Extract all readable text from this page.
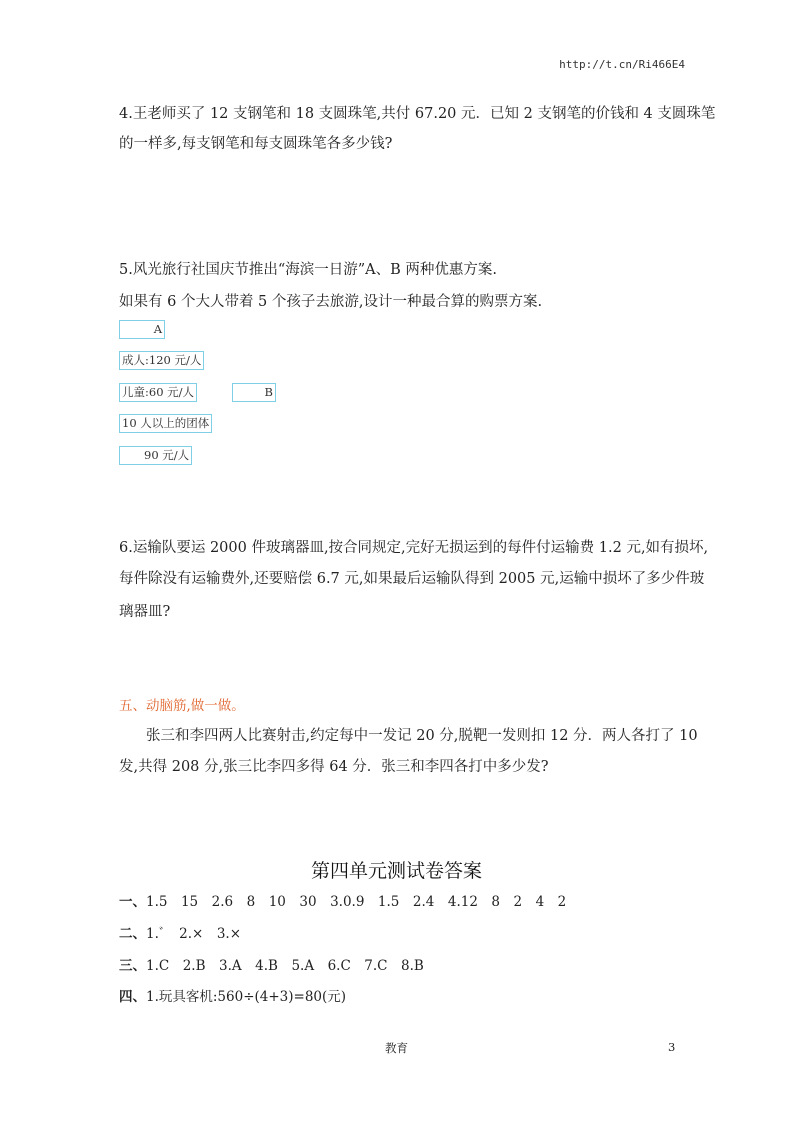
http://t.cn/Ri466E4
4.王老师买了 12 支钢笔和 18 支圆珠笔,共付 67.20 元．已知 2 支钢笔的价钱和 4 支圆珠笔
的一样多,每支钢笔和每支圆珠笔各多少钱?
5.风光旅行社国庆节推出“海滨一日游”A、B 两种优惠方案.
如果有 6 个大人带着 5 个孩子去旅游,设计一种最合算的购票方案.
A
成人:120 元/人
儿童:60 元/人	B
10 人以上的团体
90 元/人
6.运输队要运 2000 件玻璃器皿,按合同规定,完好无损运到的每件付运输费 1.2 元,如有损坏,
每件除没有运输费外,还要赔偿 6.7 元,如果最后运输队得到 2005 元,运输中损坏了多少件玻
璃器皿?
五、动脑筋,做一做。
张三和李四两人比赛射击,约定每中一发记 20 分,脱靶一发则扣 12 分．两人各打了 10
发,共得 208 分,张三比李四多得 64 分．张三和李四各打中多少发?
第四单元测试卷答案
一、1.5　15　2.6　8　10　30　3.0.9　1.5　2.4　4.12　8　2　4　2
二、1.ﾞ　2.×　3.×
三、1.C　2.B　3.A　4.B　5.A　6.C　7.C　8.B
四、1.玩具客机:560÷(4+3)=80(元)
教育	3
